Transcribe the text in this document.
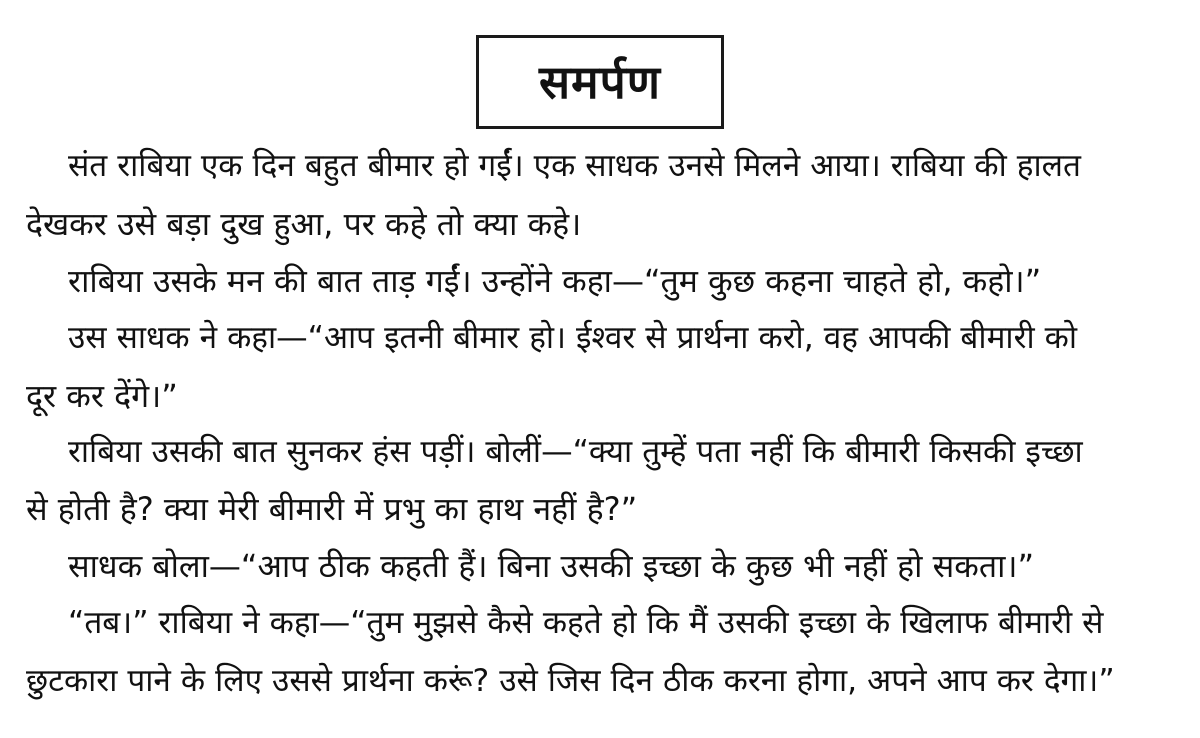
समर्पण
संत राबिया एक दिन बहुत बीमार हो गईं। एक साधक उनसे मिलने आया। राबिया की हालत
देखकर उसे बड़ा दुख हुआ, पर कहे तो क्या कहे।
राबिया उसके मन की बात ताड़ गईं। उन्होंने कहा—“तुम कुछ कहना चाहते हो, कहो।”
उस साधक ने कहा—“आप इतनी बीमार हो। ईश्वर से प्रार्थना करो, वह आपकी बीमारी को
दूर कर देंगे।”
राबिया उसकी बात सुनकर हंस पड़ीं। बोलीं—“क्या तुम्हें पता नहीं कि बीमारी किसकी इच्छा
से होती है? क्या मेरी बीमारी में प्रभु का हाथ नहीं है?”
साधक बोला—“आप ठीक कहती हैं। बिना उसकी इच्छा के कुछ भी नहीं हो सकता।”
“तब।” राबिया ने कहा—“तुम मुझसे कैसे कहते हो कि मैं उसकी इच्छा के खिलाफ बीमारी से
छुटकारा पाने के लिए उससे प्रार्थना करूं? उसे जिस दिन ठीक करना होगा, अपने आप कर देगा।”
